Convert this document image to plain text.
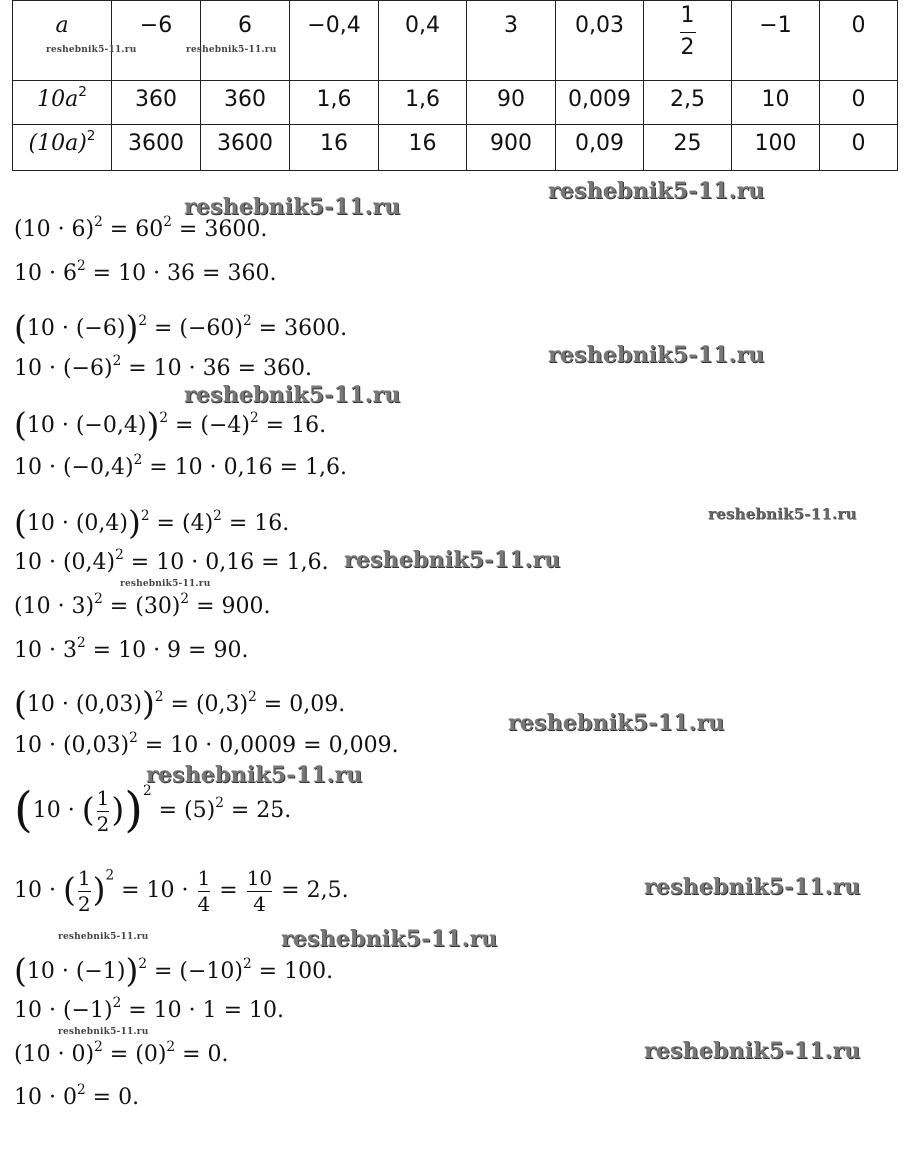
a	−6	6	−0,4	0,4	3	0,03	$\frac{1}{2}$	−1	0
$10a^2$	360	360	1,6	1,6	90	0,009	2,5	10	0
$(10a)^2$	3600	3600	16	16	900	0,09	25	100	0
$(10 \cdot 6)^2 = 60^2 = 3600$.
$10 \cdot 6^2 = 10 \cdot 36 = 360$.
$(10 \cdot (-6))^2 = (-60)^2 = 3600$.
$10 \cdot (-6)^2 = 10 \cdot 36 = 360$.
$(10 \cdot (-0,4))^2 = (-4)^2 = 16$.
$10 \cdot (-0,4)^2 = 10 \cdot 0,16 = 1,6$.
$(10 \cdot (0,4))^2 = (4)^2 = 16$.
$10 \cdot (0,4)^2 = 10 \cdot 0,16 = 1,6$.
$(10 \cdot 3)^2 = (30)^2 = 900$.
$10 \cdot 3^2 = 10 \cdot 9 = 90$.
$(10 \cdot (0,03))^2 = (0,3)^2 = 0,09$.
$10 \cdot (0,03)^2 = 10 \cdot 0,0009 = 0,009$.
(10 · ( $\frac{1}{2} ))^2 = (5)^2 = 25$.
10 · ( $\frac{1}{2} )^2 = 10 \cdot \frac{1}{4} = \frac{10}{4} = 2,5$.
$(10 \cdot (-1))^2 = (-10)^2 = 100$.
$10 \cdot (-1)^2 = 10 \cdot 1 = 10$.
$(10 \cdot 0)^2 = (0)^2 = 0$.
$10 \cdot 0^2 = 0$.
reshebnik5-11.ru	reshebnik5-11.ru
reshebnik5-11.ru
reshebnik5-11.ru
reshebnik5-11.ru
reshebnik5-11.ru
reshebnik5-11.ru
reshebnik5-11.ru
reshebnik5-11.ru
reshebnik5-11.ru
reshebnik5-11.ru
reshebnik5-11.ru
reshebnik5-11.ru	reshebnik5-11.ru
reshebnik5-11.ru
reshebnik5-11.ru
